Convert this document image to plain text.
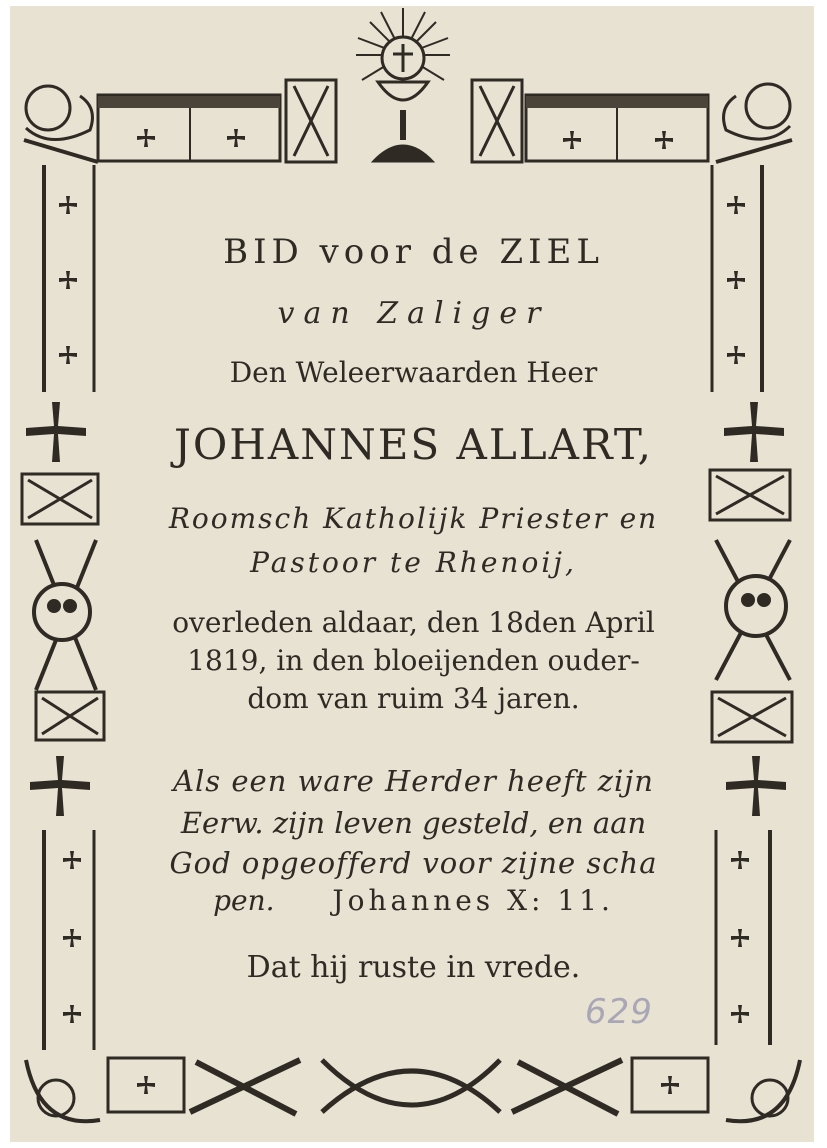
BID voor de ZIEL
van Zaliger
Den Weleerwaarden Heer
JOHANNES ALLART,
Roomsch Katholijk Priester en
Pastoor te Rhenoij,
overleden aldaar, den 18den April
1819, in den bloeijenden ouder-
dom van ruim 34 jaren.
Als een ware Herder heeft zijn
Eerw. zijn leven gesteld, en aan
God opgeofferd voor zijne scha
pen. Johannes X: 11.
Dat hij ruste in vrede.
629
